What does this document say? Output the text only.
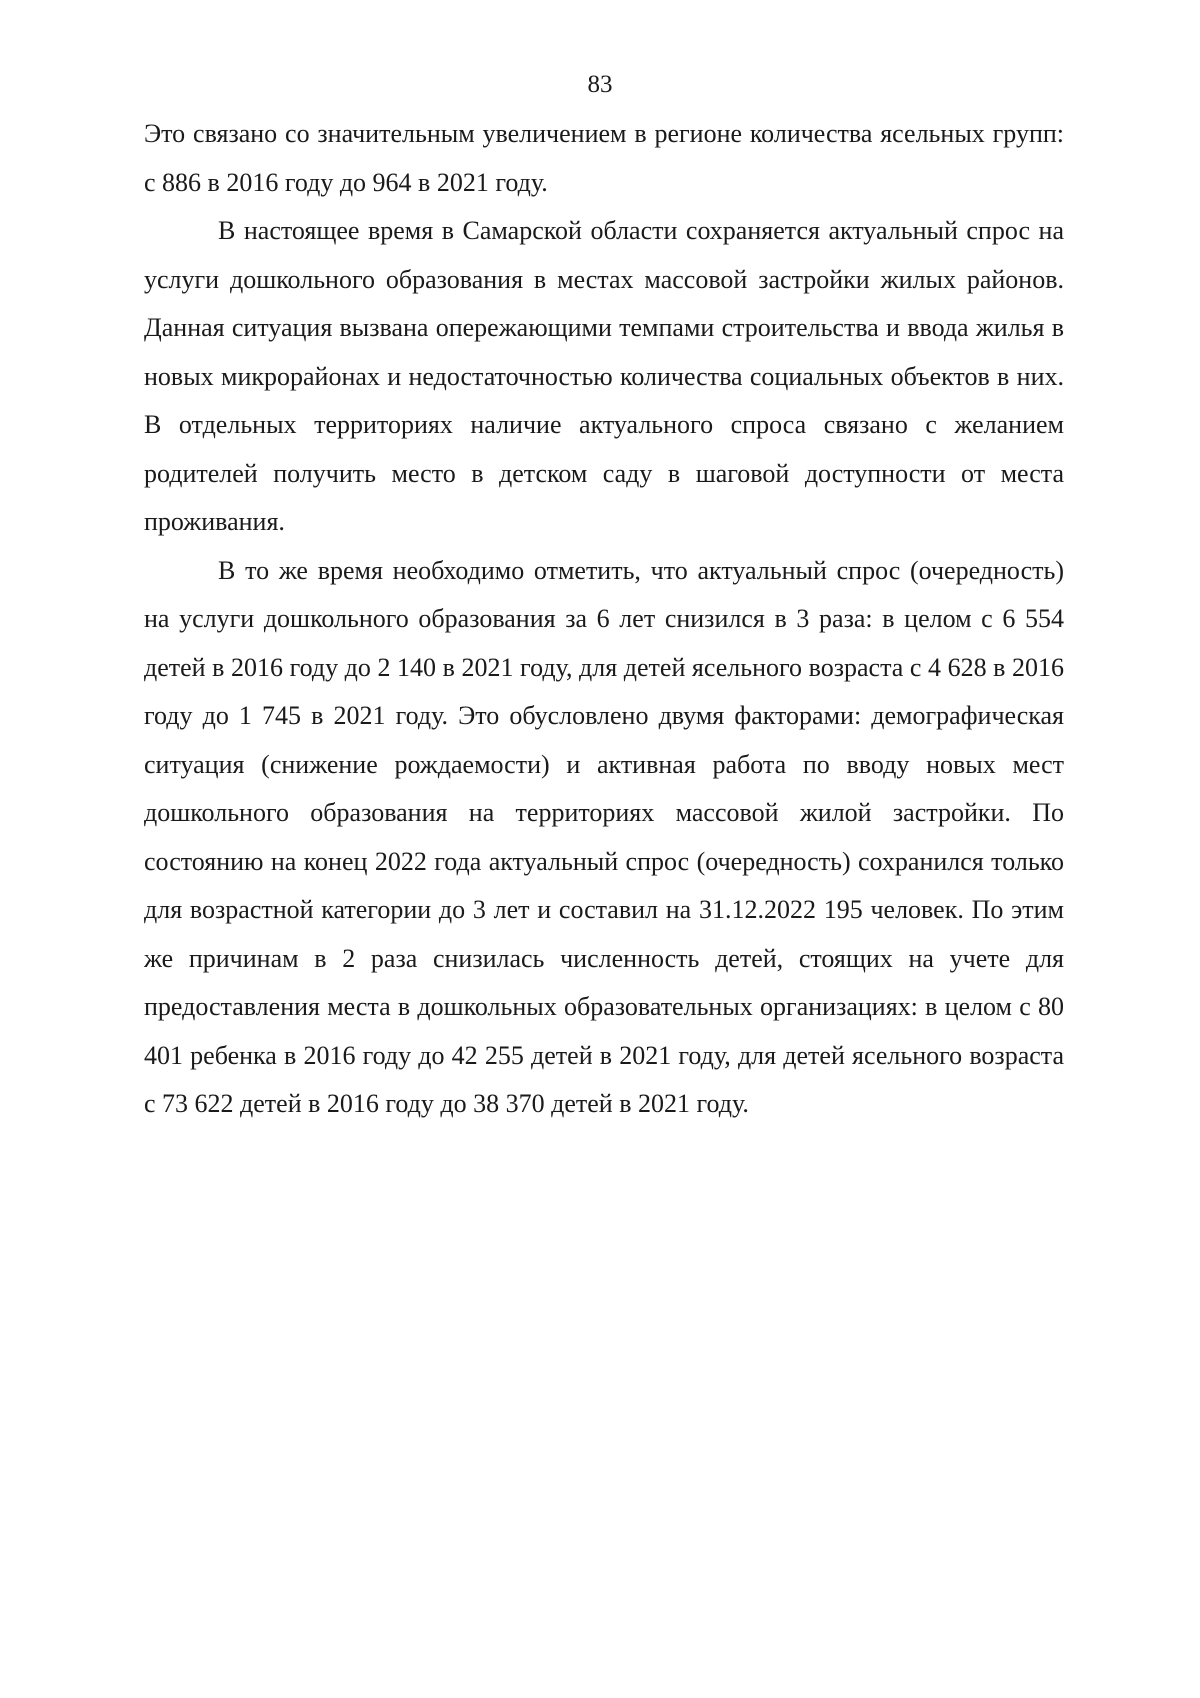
83

Это связано со значительным увеличением в регионе количества ясельных групп: с 886 в 2016 году до 964 в 2021 году.

В настоящее время в Самарской области сохраняется актуальный спрос на услуги дошкольного образования в местах массовой застройки жилых районов. Данная ситуация вызвана опережающими темпами строительства и ввода жилья в новых микрорайонах и недостаточностью количества социальных объектов в них. В отдельных территориях наличие актуального спроса связано с желанием родителей получить место в детском саду в шаговой доступности от места проживания.

В то же время необходимо отметить, что актуальный спрос (очередность) на услуги дошкольного образования за 6 лет снизился в 3 раза: в целом с 6 554 детей в 2016 году до 2 140 в 2021 году, для детей ясельного возраста с 4 628 в 2016 году до 1 745 в 2021 году. Это обусловлено двумя факторами: демографическая ситуация (снижение рождаемости) и активная работа по вводу новых мест дошкольного образования на территориях массовой жилой застройки. По состоянию на конец 2022 года актуальный спрос (очередность) сохранился только для возрастной категории до 3 лет и составил на 31.12.2022 195 человек. По этим же причинам в 2 раза снизилась численность детей, стоящих на учете для предоставления места в дошкольных образовательных организациях: в целом с 80 401 ребенка в 2016 году до 42 255 детей в 2021 году, для детей ясельного возраста с 73 622 детей в 2016 году до 38 370 детей в 2021 году.
